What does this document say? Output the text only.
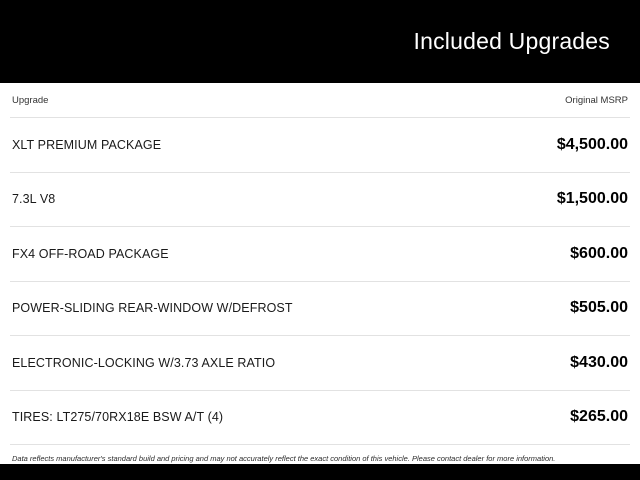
Included Upgrades
Upgrade	Original MSRP
XLT PREMIUM PACKAGE	$4,500.00
7.3L V8	$1,500.00
FX4 OFF-ROAD PACKAGE	$600.00
POWER-SLIDING REAR-WINDOW W/DEFROST	$505.00
ELECTRONIC-LOCKING W/3.73 AXLE RATIO	$430.00
TIRES: LT275/70RX18E BSW A/T (4)	$265.00
Data reflects manufacturer's standard build and pricing and may not accurately reflect the exact condition of this vehicle. Please contact dealer for more information.
